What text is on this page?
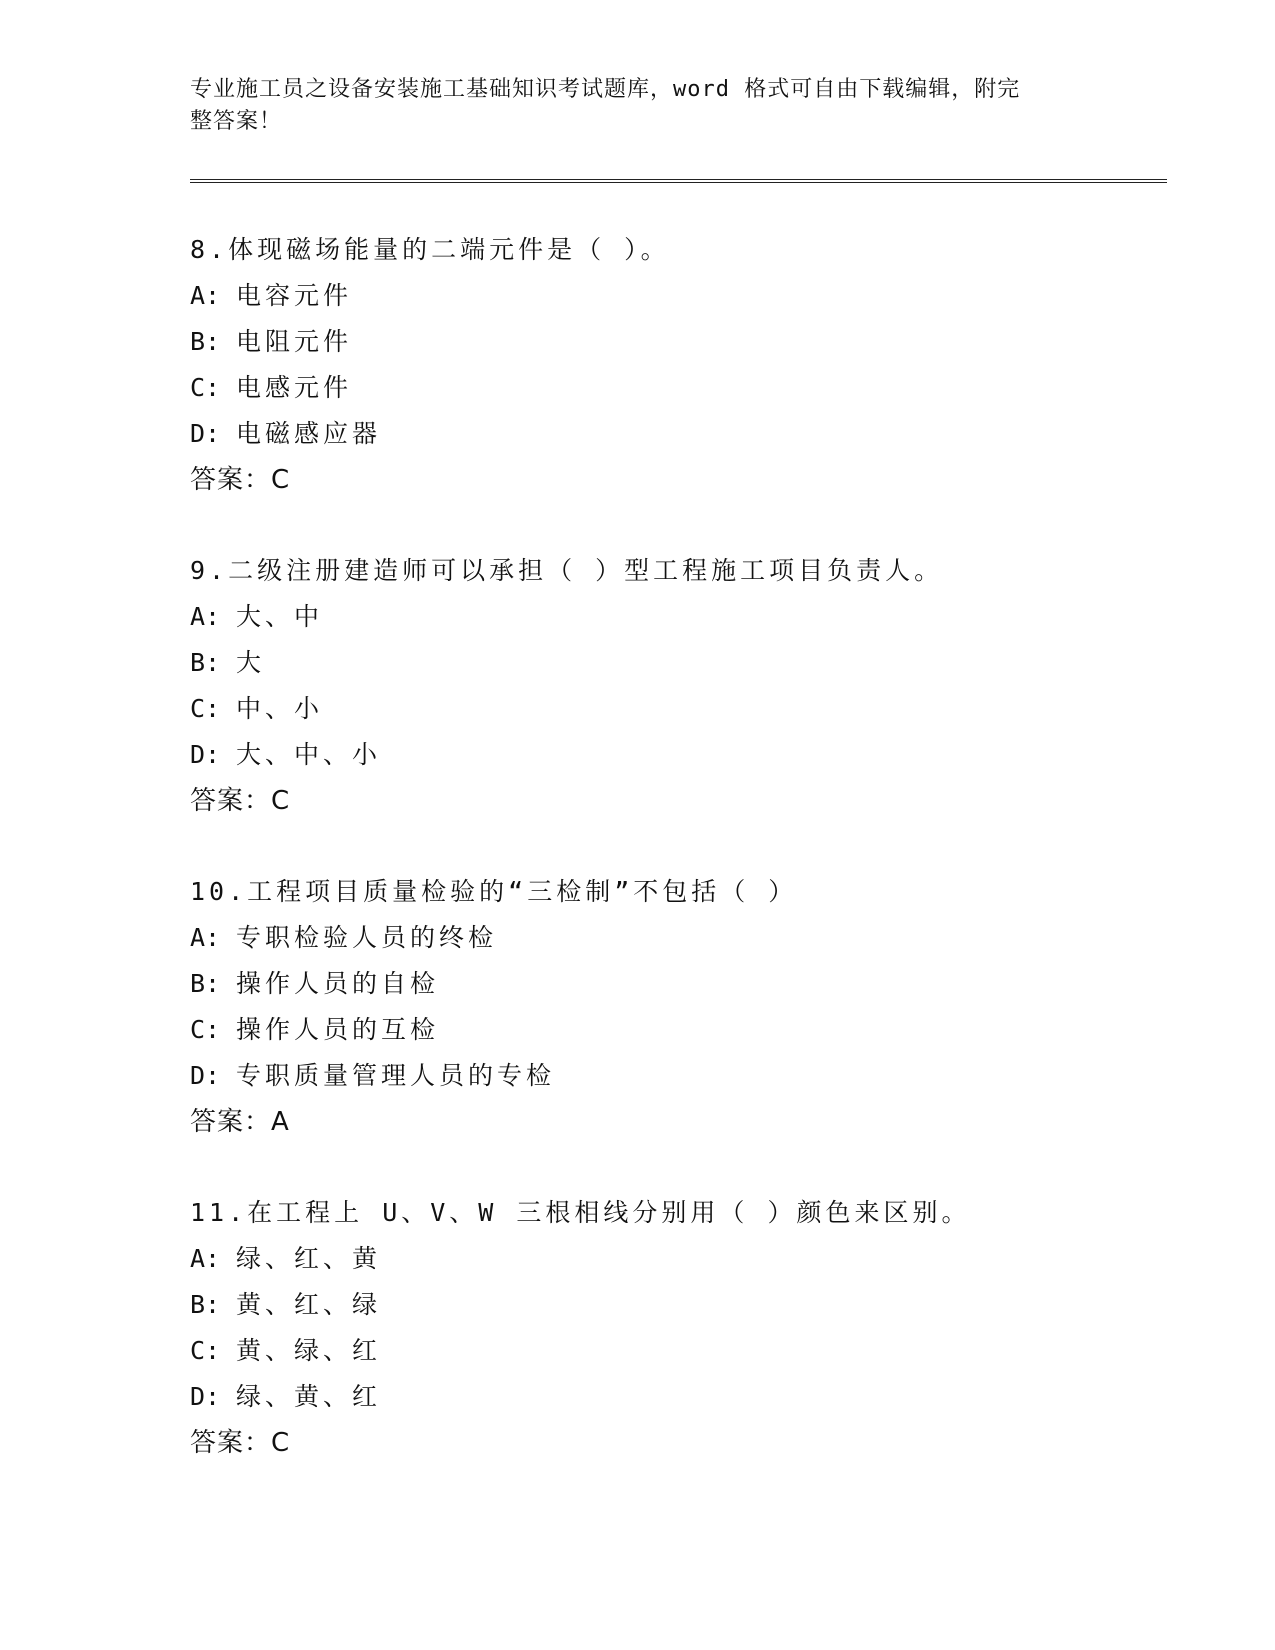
专业施工员之设备安装施工基础知识考试题库，word 格式可自由下载编辑，附完
整答案！
8.体现磁场能量的二端元件是（ ）。
A: 电容元件
B: 电阻元件
C: 电感元件
D: 电磁感应器
答案：C
9.二级注册建造师可以承担（ ）型工程施工项目负责人。
A: 大、中
B: 大
C: 中、小
D: 大、中、小
答案：C
10.工程项目质量检验的“三检制”不包括（ ）
A: 专职检验人员的终检
B: 操作人员的自检
C: 操作人员的互检
D: 专职质量管理人员的专检
答案：A
11.在工程上 U、V、W 三根相线分别用（ ）颜色来区别。
A: 绿、红、黄
B: 黄、红、绿
C: 黄、绿、红
D: 绿、黄、红
答案：C
